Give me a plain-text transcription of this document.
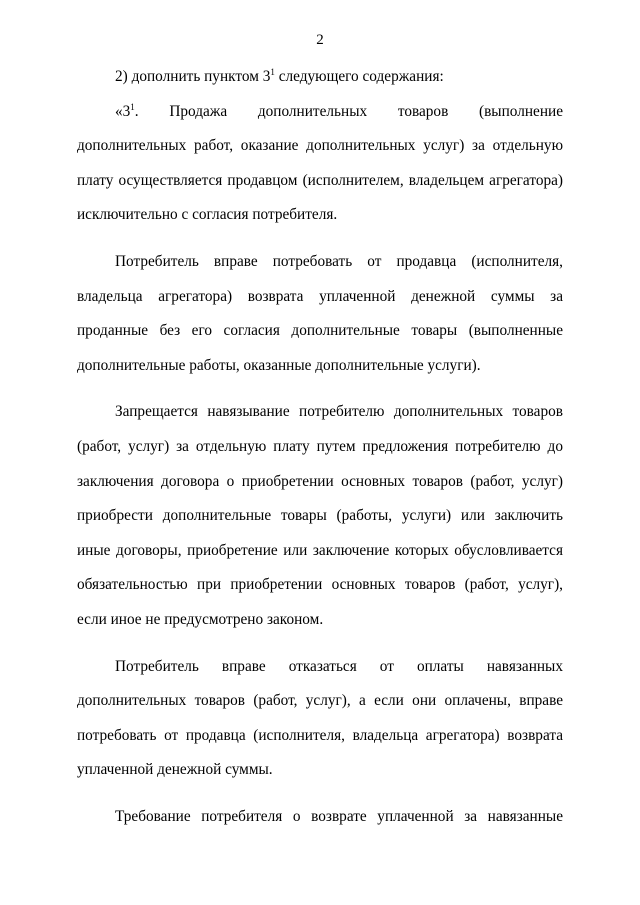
2

2) дополнить пунктом $3^1$ следующего содержания:

«$3^1$. Продажа дополнительных товаров (выполнение дополнительных работ, оказание дополнительных услуг) за отдельную плату осуществляется продавцом (исполнителем, владельцем агрегатора) исключительно с согласия потребителя.

Потребитель вправе потребовать от продавца (исполнителя, владельца агрегатора) возврата уплаченной денежной суммы за проданные без его согласия дополнительные товары (выполненные дополнительные работы, оказанные дополнительные услуги).

Запрещается навязывание потребителю дополнительных товаров (работ, услуг) за отдельную плату путем предложения потребителю до заключения договора о приобретении основных товаров (работ, услуг) приобрести дополнительные товары (работы, услуги) или заключить иные договоры, приобретение или заключение которых обусловливается обязательностью при приобретении основных товаров (работ, услуг), если иное не предусмотрено законом.

Потребитель вправе отказаться от оплаты навязанных дополнительных товаров (работ, услуг), а если они оплачены, вправе потребовать от продавца (исполнителя, владельца агрегатора) возврата уплаченной денежной суммы.

Требование потребителя о возврате уплаченной за навязанные
